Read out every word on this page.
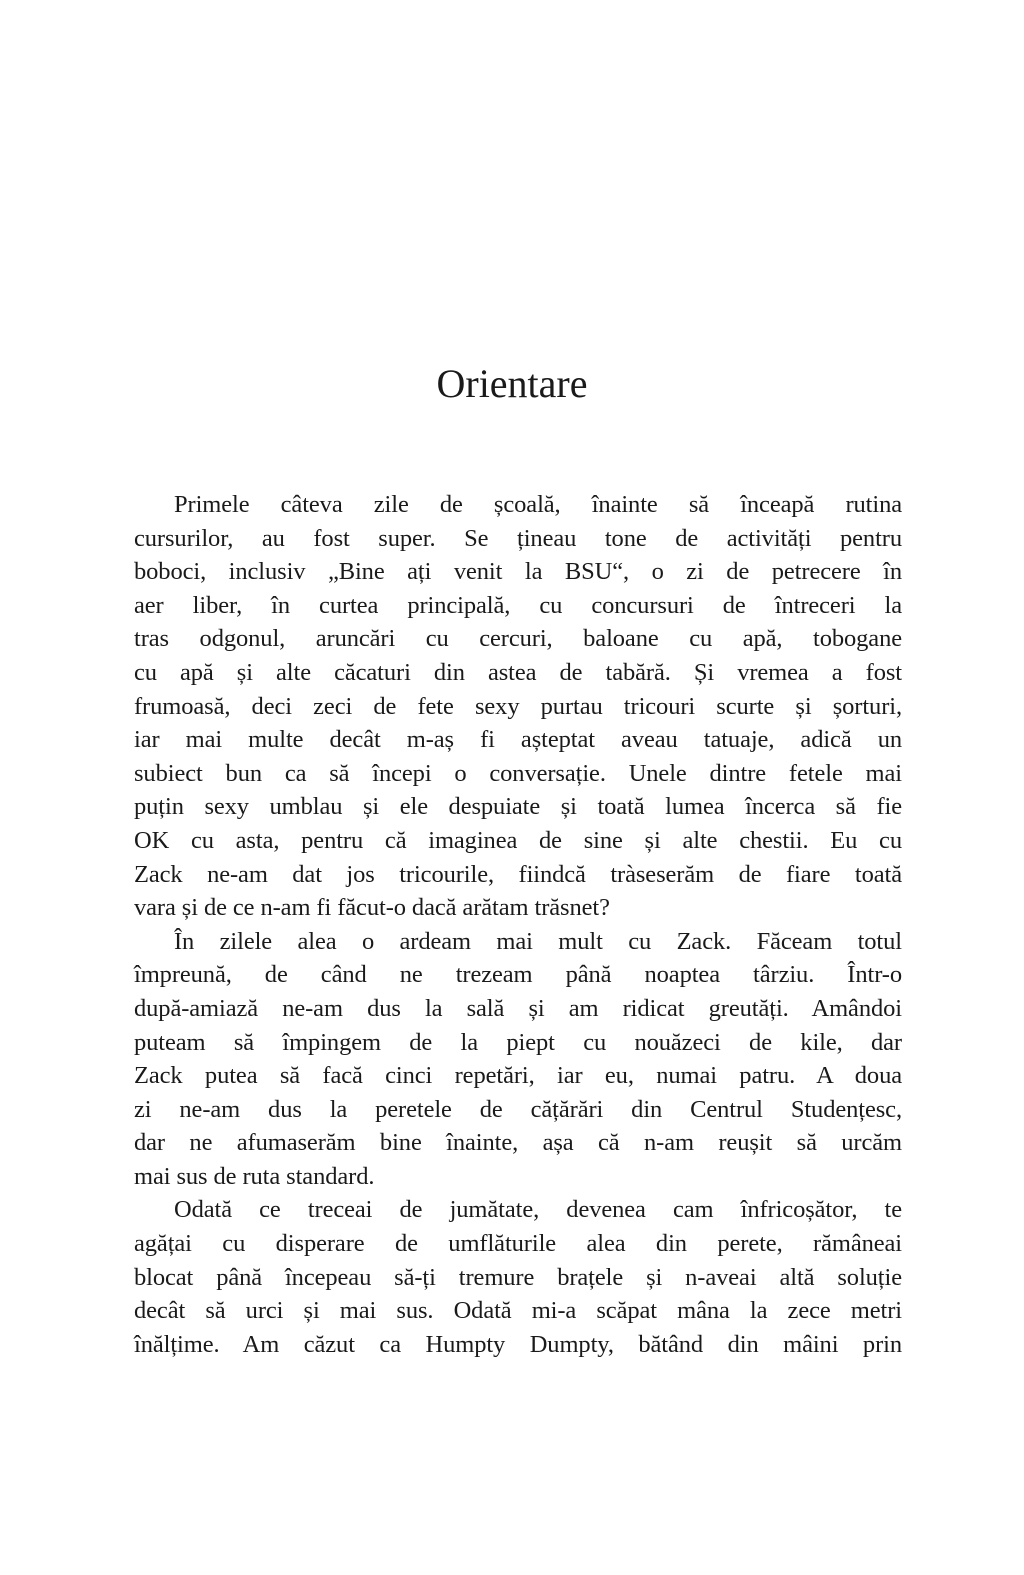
Orientare
Primele câteva zile de școală, înainte să înceapă rutina
cursurilor, au fost super. Se țineau tone de activități pentru
boboci, inclusiv „Bine ați venit la BSU“, o zi de petrecere în
aer liber, în curtea principală, cu concursuri de întreceri la
tras odgonul, aruncări cu cercuri, baloane cu apă, tobogane
cu apă și alte căcaturi din astea de tabără. Și vremea a fost
frumoasă, deci zeci de fete sexy purtau tricouri scurte și șorturi,
iar mai multe decât m-aș fi așteptat aveau tatuaje, adică un
subiect bun ca să începi o conversație. Unele dintre fetele mai
puțin sexy umblau și ele despuiate și toată lumea încerca să fie
OK cu asta, pentru că imaginea de sine și alte chestii. Eu cu
Zack ne-am dat jos tricourile, fiindcă tràseserăm de fiare toată
vara și de ce n-am fi făcut-o dacă arătam trăsnet?
În zilele alea o ardeam mai mult cu Zack. Făceam totul
împreună, de când ne trezeam până noaptea târziu. Într-o
după-amiază ne-am dus la sală și am ridicat greutăți. Amândoi
puteam să împingem de la piept cu nouăzeci de kile, dar
Zack putea să facă cinci repetări, iar eu, numai patru. A doua
zi ne-am dus la peretele de cățărări din Centrul Studențesc,
dar ne afumaserăm bine înainte, așa că n-am reușit să urcăm
mai sus de ruta standard.
Odată ce treceai de jumătate, devenea cam înfricoșător, te
agățai cu disperare de umflăturile alea din perete, rămâneai
blocat până începeau să-ți tremure brațele și n-aveai altă soluție
decât să urci și mai sus. Odată mi-a scăpat mâna la zece metri
înălțime. Am căzut ca Humpty Dumpty, bătând din mâini prin
